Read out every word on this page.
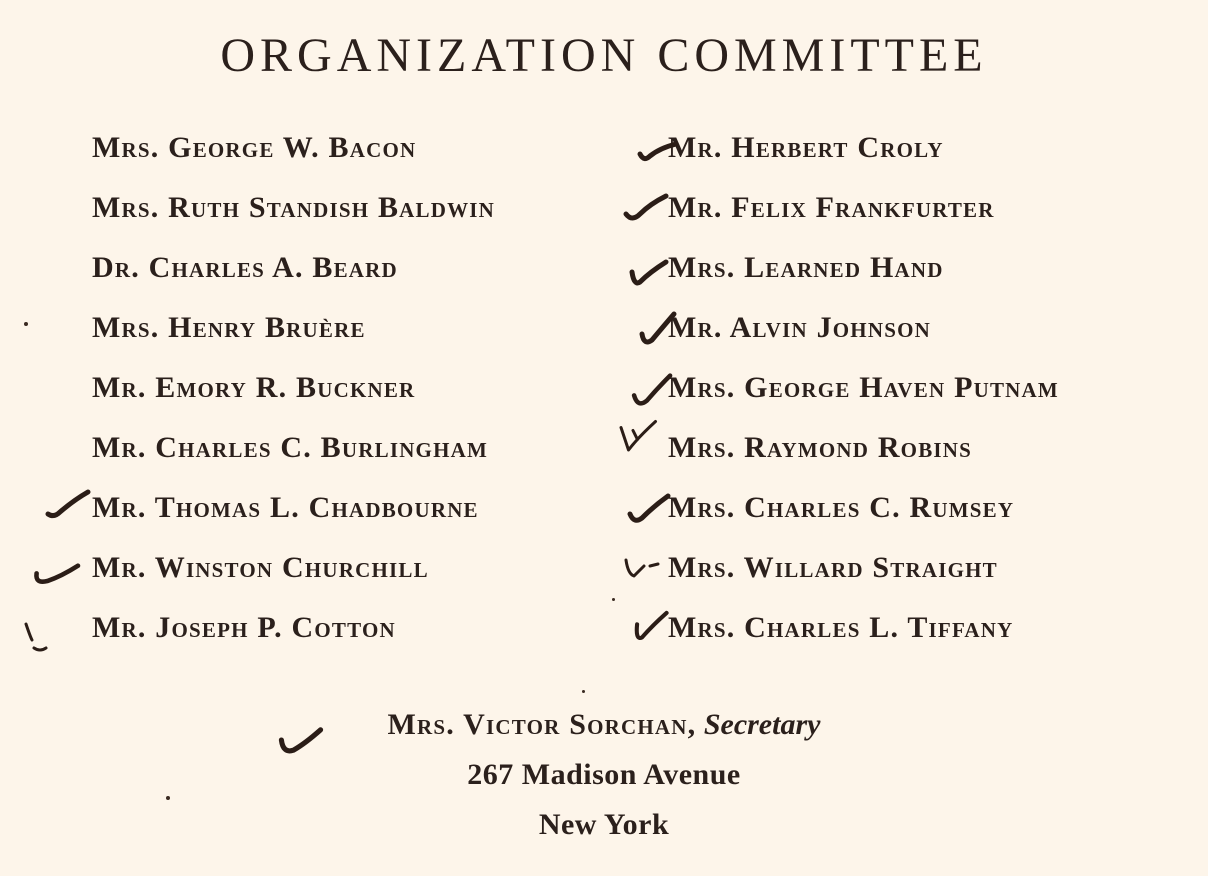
ORGANIZATION COMMITTEE
Mrs. George W. Bacon
Mrs. Ruth Standish Baldwin
Dr. Charles A. Beard
Mrs. Henry Bruère
Mr. Emory R. Buckner
Mr. Charles C. Burlingham
Mr. Thomas L. Chadbourne
Mr. Winston Churchill
Mr. Joseph P. Cotton
Mr. Herbert Croly
Mr. Felix Frankfurter
Mrs. Learned Hand
Mr. Alvin Johnson
Mrs. George Haven Putnam
Mrs. Raymond Robins
Mrs. Charles C. Rumsey
Mrs. Willard Straight
Mrs. Charles L. Tiffany
Mrs. Victor Sorchan, Secretary
267 Madison Avenue
New York
